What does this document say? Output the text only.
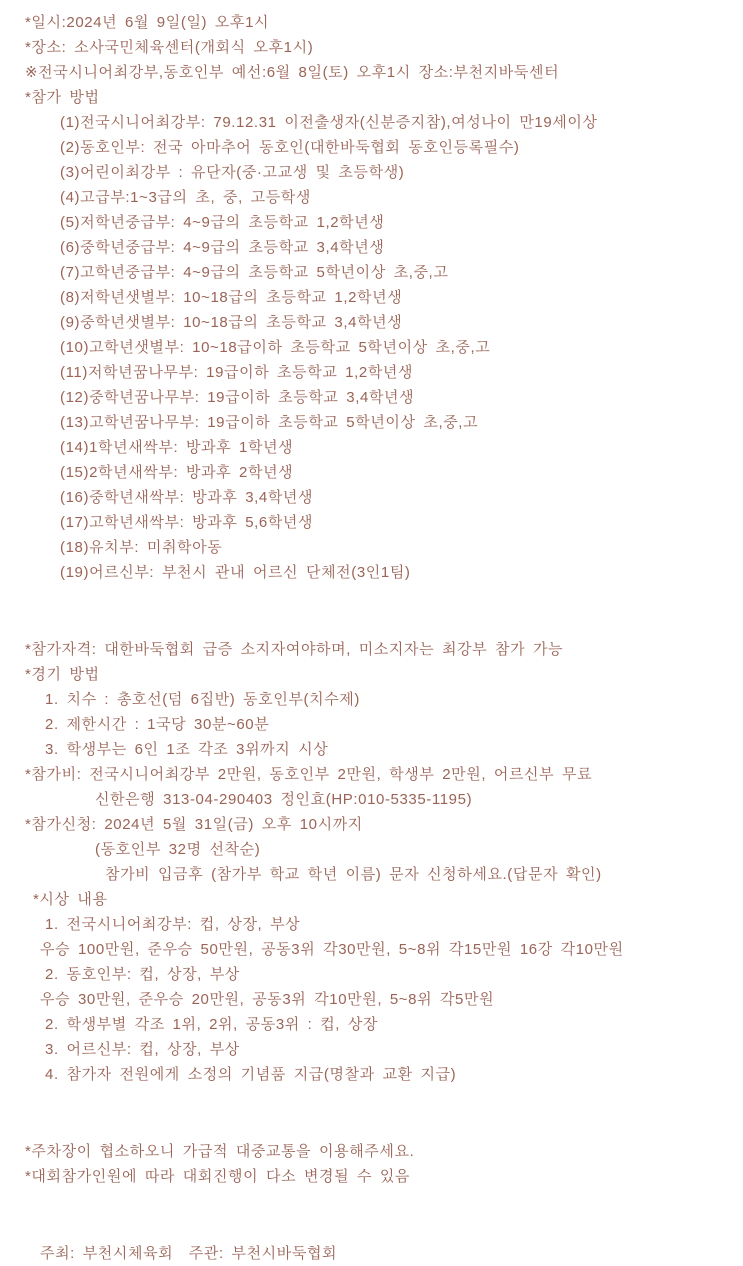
*일시:2024년 6월 9일(일) 오후1시
*장소: 소사국민체육센터(개회식 오후1시)
※전국시니어최강부,동호인부 예선:6월 8일(토) 오후1시 장소:부천지바둑센터
*참가 방법
(1)전국시니어최강부: 79.12.31 이전출생자(신분증지참),여성나이 만19세이상
(2)동호인부: 전국 아마추어 동호인(대한바둑협회 동호인등록필수)
(3)어린이최강부 : 유단자(중·고교생 및 초등학생)
(4)고급부:1~3급의 초, 중, 고등학생
(5)저학년중급부: 4~9급의 초등학교 1,2학년생
(6)중학년중급부: 4~9급의 초등학교 3,4학년생
(7)고학년중급부: 4~9급의 초등학교 5학년이상 초,중,고
(8)저학년샛별부: 10~18급의 초등학교 1,2학년생
(9)중학년샛별부: 10~18급의 초등학교 3,4학년생
(10)고학년샛별부: 10~18급이하 초등학교 5학년이상 초,중,고
(11)저학년꿈나무부: 19급이하 초등학교 1,2학년생
(12)중학년꿈나무부: 19급이하 초등학교 3,4학년생
(13)고학년꿈나무부: 19급이하 초등학교 5학년이상 초,중,고
(14)1학년새싹부: 방과후 1학년생
(15)2학년새싹부: 방과후 2학년생
(16)중학년새싹부: 방과후 3,4학년생
(17)고학년새싹부: 방과후 5,6학년생
(18)유치부: 미취학아동
(19)어르신부: 부천시 관내 어르신 단체전(3인1팀)
*참가자격: 대한바둑협회 급증 소지자여야하며, 미소지자는 최강부 참가 가능
*경기 방법
1. 치수 : 총호선(덤 6집반) 동호인부(치수제)
2. 제한시간 : 1국당 30분~60분
3. 학생부는 6인 1조 각조 3위까지 시상
*참가비: 전국시니어최강부 2만원, 동호인부 2만원, 학생부 2만원, 어르신부 무료
신한은행 313-04-290403 정인효(HP:010-5335-1195)
*참가신청: 2024년 5월 31일(금) 오후 10시까지
(동호인부 32명 선착순)
참가비 입금후 (참가부 학교 학년 이름) 문자 신청하세요.(답문자 확인)
*시상 내용
1. 전국시니어최강부: 컵, 상장, 부상
우승 100만원, 준우승 50만원, 공동3위 각30만원, 5~8위 각15만원 16강 각10만원
2. 동호인부: 컵, 상장, 부상
우승 30만원, 준우승 20만원, 공동3위 각10만원, 5~8위 각5만원
2. 학생부별 각조 1위, 2위, 공동3위 : 컵, 상장
3. 어르신부: 컵, 상장, 부상
4. 참가자 전원에게 소정의 기념품 지급(명찰과 교환 지급)
*주차장이 협소하오니 가급적 대중교통을 이용해주세요.
*대회참가인원에 따라 대회진행이 다소 변경될 수 있음
주최: 부천시체육회  주관: 부천시바둑협회
